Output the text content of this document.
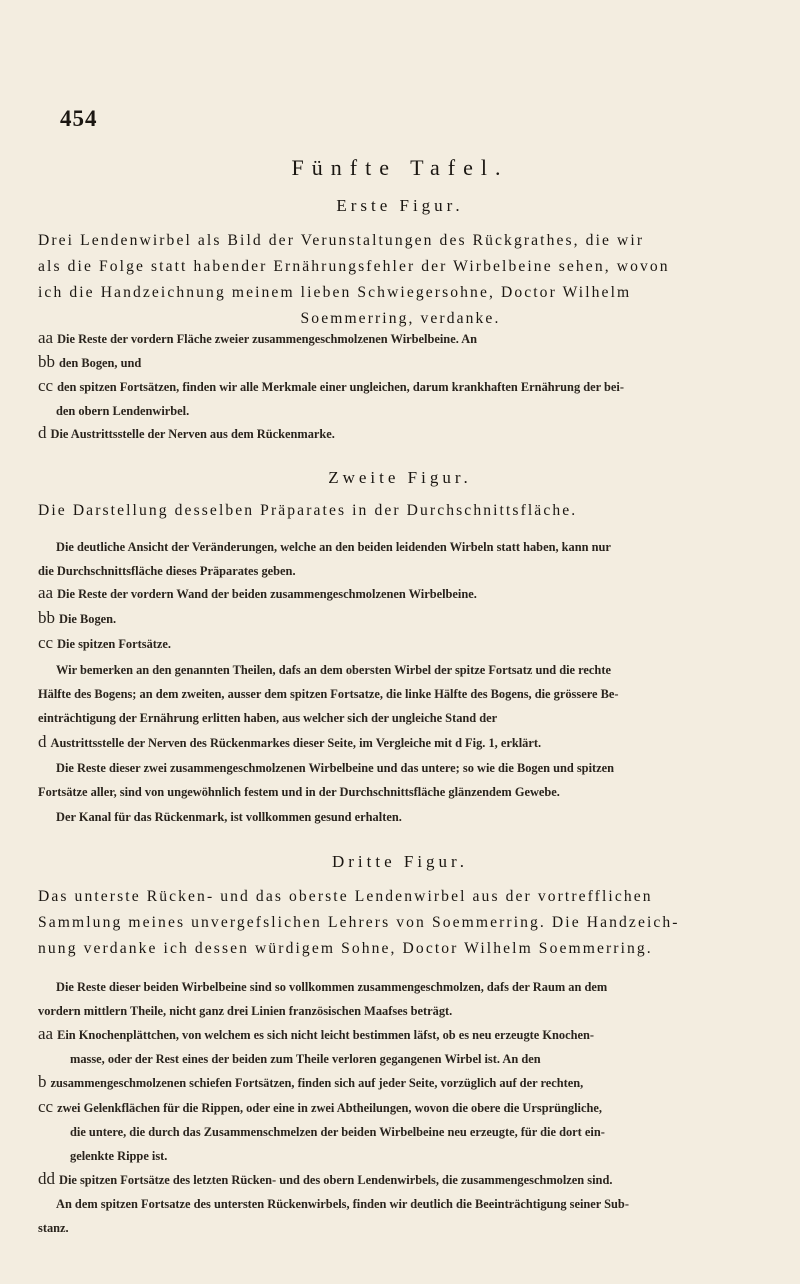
454
Fünfte Tafel.
Erste Figur.
Drei Lendenwirbel als Bild der Verunstaltungen des Rückgrathes, die wir
als die Folge statt habender Ernährungsfehler der Wirbelbeine sehen, wovon
ich die Handzeichnung meinem lieben Schwiegersohne, Doctor Wilhelm
Soemmerring, verdanke.
aa Die Reste der vordern Fläche zweier zusammengeschmolzenen Wirbelbeine. An
bb den Bogen, und
cc den spitzen Fortsätzen, finden wir alle Merkmale einer ungleichen, darum krankhaften Ernährung der bei-
den obern Lendenwirbel.
d Die Austrittsstelle der Nerven aus dem Rückenmarke.
Zweite Figur.
Die Darstellung desselben Präparates in der Durchschnittsfläche.
Die deutliche Ansicht der Veränderungen, welche an den beiden leidenden Wirbeln statt haben, kann nur
die Durchschnittsfläche dieses Präparates geben.
aa Die Reste der vordern Wand der beiden zusammengeschmolzenen Wirbelbeine.
bb Die Bogen.
cc Die spitzen Fortsätze.
Wir bemerken an den genannten Theilen, dafs an dem obersten Wirbel der spitze Fortsatz und die rechte
Hälfte des Bogens; an dem zweiten, ausser dem spitzen Fortsatze, die linke Hälfte des Bogens, die grössere Be-
einträchtigung der Ernährung erlitten haben, aus welcher sich der ungleiche Stand der
d Austrittsstelle der Nerven des Rückenmarkes dieser Seite, im Vergleiche mit d Fig. 1, erklärt.
Die Reste dieser zwei zusammengeschmolzenen Wirbelbeine und das untere; so wie die Bogen und spitzen
Fortsätze aller, sind von ungewöhnlich festem und in der Durchschnittsfläche glänzendem Gewebe.
Der Kanal für das Rückenmark, ist vollkommen gesund erhalten.
Dritte Figur.
Das unterste Rücken- und das oberste Lendenwirbel aus der vortrefflichen
Sammlung meines unvergefslichen Lehrers von Soemmerring. Die Handzeich-
nung verdanke ich dessen würdigem Sohne, Doctor Wilhelm Soemmerring.
Die Reste dieser beiden Wirbelbeine sind so vollkommen zusammengeschmolzen, dafs der Raum an dem
vordern mittlern Theile, nicht ganz drei Linien französischen Maafses beträgt.
aa Ein Knochenplättchen, von welchem es sich nicht leicht bestimmen läfst, ob es neu erzeugte Knochen-
masse, oder der Rest eines der beiden zum Theile verloren gegangenen Wirbel ist. An den
b zusammengeschmolzenen schiefen Fortsätzen, finden sich auf jeder Seite, vorzüglich auf der rechten,
cc zwei Gelenkflächen für die Rippen, oder eine in zwei Abtheilungen, wovon die obere die Ursprüngliche,
die untere, die durch das Zusammenschmelzen der beiden Wirbelbeine neu erzeugte, für die dort ein-
gelenkte Rippe ist.
dd Die spitzen Fortsätze des letzten Rücken- und des obern Lendenwirbels, die zusammengeschmolzen sind.
An dem spitzen Fortsatze des untersten Rückenwirbels, finden wir deutlich die Beeinträchtigung seiner Sub-
stanz.
